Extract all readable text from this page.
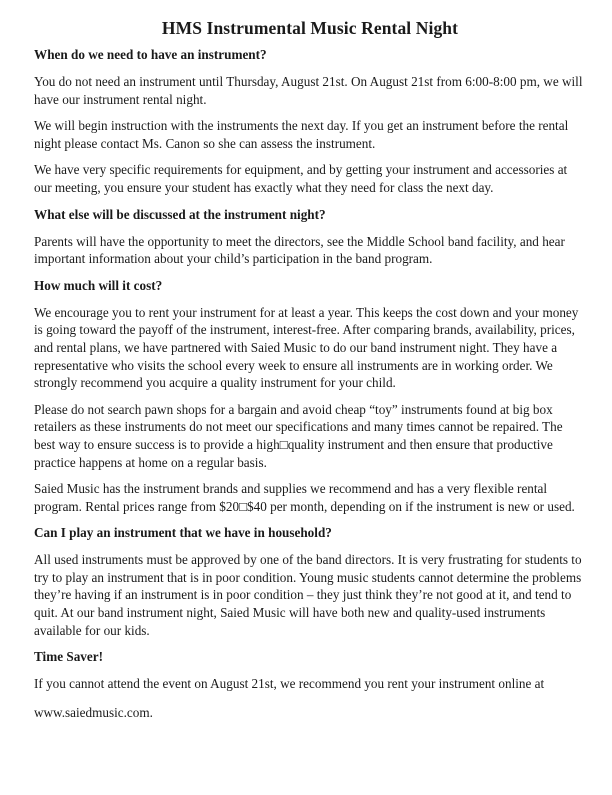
HMS Instrumental Music Rental Night
When do we need to have an instrument?

You do not need an instrument until Thursday, August 21st. On August 21st from 6:00-8:00 pm, we will have our instrument rental night.

We will begin instruction with the instruments the next day. If you get an instrument before the rental night please contact Ms. Canon so she can assess the instrument.

We have very specific requirements for equipment, and by getting your instrument and accessories at our meeting, you ensure your student has exactly what they need for class the next day.

What else will be discussed at the instrument night?

Parents will have the opportunity to meet the directors, see the Middle School band facility, and hear important information about your child’s participation in the band program.

How much will it cost?

We encourage you to rent your instrument for at least a year. This keeps the cost down and your money is going toward the payoff of the instrument, interest-free. After comparing brands, availability, prices, and rental plans, we have partnered with Saied Music to do our band instrument night. They have a representative who visits the school every week to ensure all instruments are in working order. We strongly recommend you acquire a quality instrument for your child.

Please do not search pawn shops for a bargain and avoid cheap “toy” instruments found at big box retailers as these instruments do not meet our specifications and many times cannot be repaired. The best way to ensure success is to provide a high□quality instrument and then ensure that productive practice happens at home on a regular basis.

Saied Music has the instrument brands and supplies we recommend and has a very flexible rental program. Rental prices range from $20□$40 per month, depending on if the instrument is new or used.

Can I play an instrument that we have in household?

All used instruments must be approved by one of the band directors. It is very frustrating for students to try to play an instrument that is in poor condition. Young music students cannot determine the problems they’re having if an instrument is in poor condition – they just think they’re not good at it, and tend to quit. At our band instrument night, Saied Music will have both new and quality-used instruments available for our kids.

Time Saver!

If you cannot attend the event on August 21st, we recommend you rent your instrument online at

www.saiedmusic.com.
